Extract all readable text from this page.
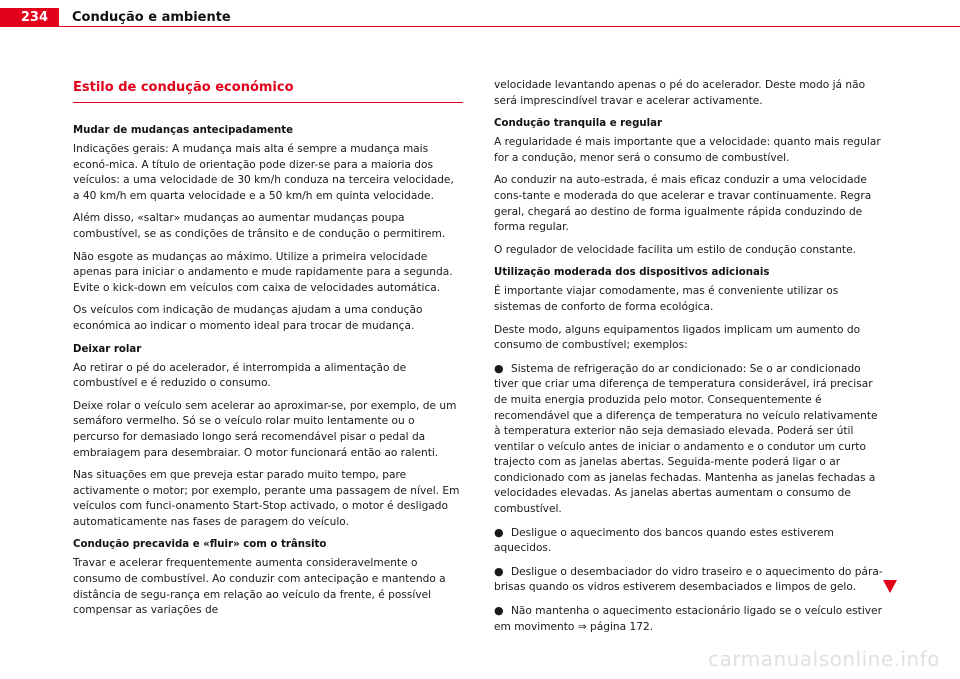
234	Condução e ambiente
Estilo de condução económico
Mudar de mudanças antecipadamente

Indicações gerais: A mudança mais alta é sempre a mudança mais econó-mica. A título de orientação pode dizer-se para a maioria dos veículos: a uma velocidade de 30 km/h conduza na terceira velocidade, a 40 km/h em quarta velocidade e a 50 km/h em quinta velocidade.

Além disso, «saltar» mudanças ao aumentar mudanças poupa combustível, se as condições de trânsito e de condução o permitirem.

Não esgote as mudanças ao máximo. Utilize a primeira velocidade apenas para iniciar o andamento e mude rapidamente para a segunda. Evite o kick-down em veículos com caixa de velocidades automática.

Os veículos com indicação de mudanças ajudam a uma condução económica ao indicar o momento ideal para trocar de mudança.

Deixar rolar

Ao retirar o pé do acelerador, é interrompida a alimentação de combustível e é reduzido o consumo.

Deixe rolar o veículo sem acelerar ao aproximar-se, por exemplo, de um semáforo vermelho. Só se o veículo rolar muito lentamente ou o percurso for demasiado longo será recomendável pisar o pedal da embraiagem para desembraiar. O motor funcionará então ao ralenti.

Nas situações em que preveja estar parado muito tempo, pare activamente o motor; por exemplo, perante uma passagem de nível. Em veículos com funci-onamento Start-Stop activado, o motor é desligado automaticamente nas fases de paragem do veículo.

Condução precavida e «fluir» com o trânsito

Travar e acelerar frequentemente aumenta consideravelmente o consumo de combustível. Ao conduzir com antecipação e mantendo a distância de segu-rança em relação ao veículo da frente, é possível compensar as variações de

velocidade levantando apenas o pé do acelerador. Deste modo já não será imprescindível travar e acelerar activamente.

Condução tranquila e regular

A regularidade é mais importante que a velocidade: quanto mais regular for a condução, menor será o consumo de combustível.

Ao conduzir na auto-estrada, é mais eficaz conduzir a uma velocidade cons-tante e moderada do que acelerar e travar continuamente. Regra geral, chegará ao destino de forma igualmente rápida conduzindo de forma regular.

O regulador de velocidade facilita um estilo de condução constante.

Utilização moderada dos dispositivos adicionais

É importante viajar comodamente, mas é conveniente utilizar os sistemas de conforto de forma ecológica.

Deste modo, alguns equipamentos ligados implicam um aumento do consumo de combustível; exemplos:

● Sistema de refrigeração do ar condicionado: Se o ar condicionado tiver que criar uma diferença de temperatura considerável, irá precisar de muita energia produzida pelo motor. Consequentemente é recomendável que a diferença de temperatura no veículo relativamente à temperatura exterior não seja demasiado elevada. Poderá ser útil ventilar o veículo antes de iniciar o andamento e o condutor um curto trajecto com as janelas abertas. Seguida-mente poderá ligar o ar condicionado com as janelas fechadas. Mantenha as janelas fechadas a velocidades elevadas. As janelas abertas aumentam o consumo de combustível.
● Desligue o aquecimento dos bancos quando estes estiverem aquecidos.
● Desligue o desembaciador do vidro traseiro e o aquecimento do pára-brisas quando os vidros estiverem desembaciados e limpos de gelo.
● Não mantenha o aquecimento estacionário ligado se o veículo estiver em movimento ⇒ página 172.
carmanualsonline.info
